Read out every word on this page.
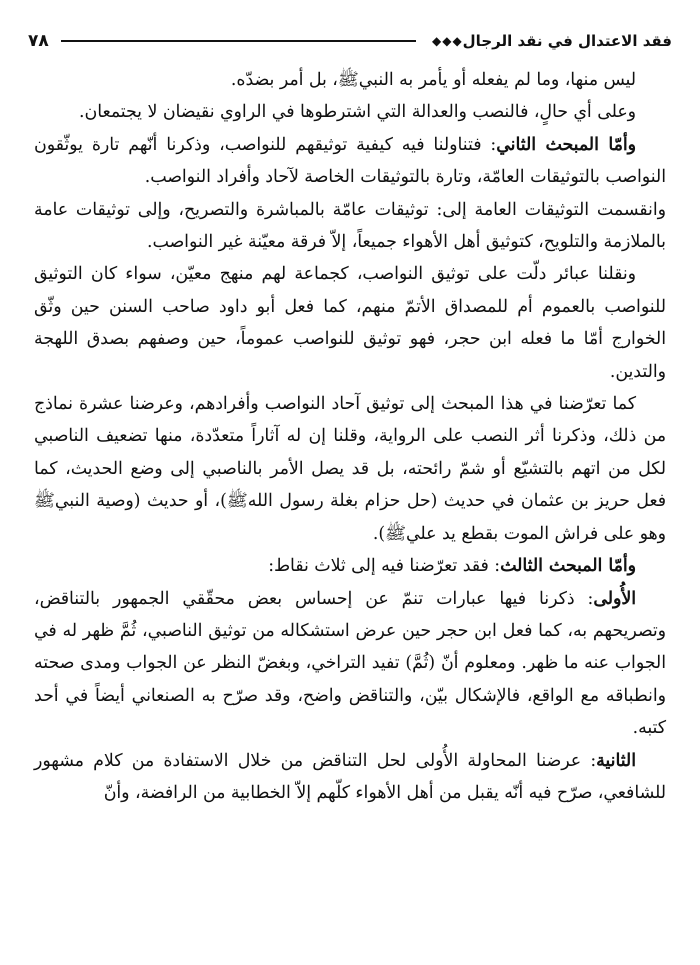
فقد الاعتدال في نقد الرجال
◆◆◆
٧٨

ليس منها، وما لم يفعله أو يأمر به النبيﷺ، بل أمر بضدّه.

وعلى أي حالٍ، فالنصب والعدالة التي اشترطوها في الراوي نقيضان لا يجتمعان.

وأمّا المبحث الثاني: فتناولنا فيه كيفية توثيقهم للنواصب، وذكرنا أنّهم تارة يوثّقون النواصب بالتوثيقات العامّة، وتارة بالتوثيقات الخاصة لآحاد وأفراد النواصب.

وانقسمت التوثيقات العامة إلى: توثيقات عامّة بالمباشرة والتصريح، وإلى توثيقات عامة بالملازمة والتلويح، كتوثيق أهل الأهواء جميعاً، إلاّ فرقة معيّنة غير النواصب.

ونقلنا عبائر دلّت على توثيق النواصب، كجماعة لهم منهج معيّن، سواء كان التوثيق للنواصب بالعموم أم للمصداق الأتمّ منهم، كما فعل أبو داود صاحب السنن حين وثّق الخوارج أمّا ما فعله ابن حجر، فهو توثيق للنواصب عموماً، حين وصفهم بصدق اللهجة والتدين.

كما تعرّضنا في هذا المبحث إلى توثيق آحاد النواصب وأفرادهم، وعرضنا عشرة نماذج من ذلك، وذكرنا أثر النصب على الرواية، وقلنا إن له آثاراً متعدّدة، منها تضعيف الناصبي لكل من اتهم بالتشيّع أو شمّ رائحته، بل قد يصل الأمر بالناصبي إلى وضع الحديث، كما فعل حريز بن عثمان في حديث (حل حزام بغلة رسول اللهﷺ)، أو حديث (وصية النبيﷺ وهو على فراش الموت بقطع يد عليﷺ).

وأمّا المبحث الثالث: فقد تعرّضنا فيه إلى ثلاث نقاط:

الأُولى: ذكرنا فيها عبارات تنمّ عن إحساس بعض محقّقي الجمهور بالتناقض، وتصريحهم به، كما فعل ابن حجر حين عرض استشكاله من توثيق الناصبي، ثُمَّ ظهر له في الجواب عنه ما ظهر. ومعلوم أنّ (ثُمَّ) تفيد التراخي، وبغضّ النظر عن الجواب ومدى صحته وانطباقه مع الواقع، فالإشكال بيّن، والتناقض واضح، وقد صرّح به الصنعاني أيضاً في أحد كتبه.

الثانية: عرضنا المحاولة الأُولى لحل التناقض من خلال الاستفادة من كلام مشهور للشافعي، صرّح فيه أنّه يقبل من أهل الأهواء كلّهم إلاّ الخطابية من الرافضة، وأنّ
